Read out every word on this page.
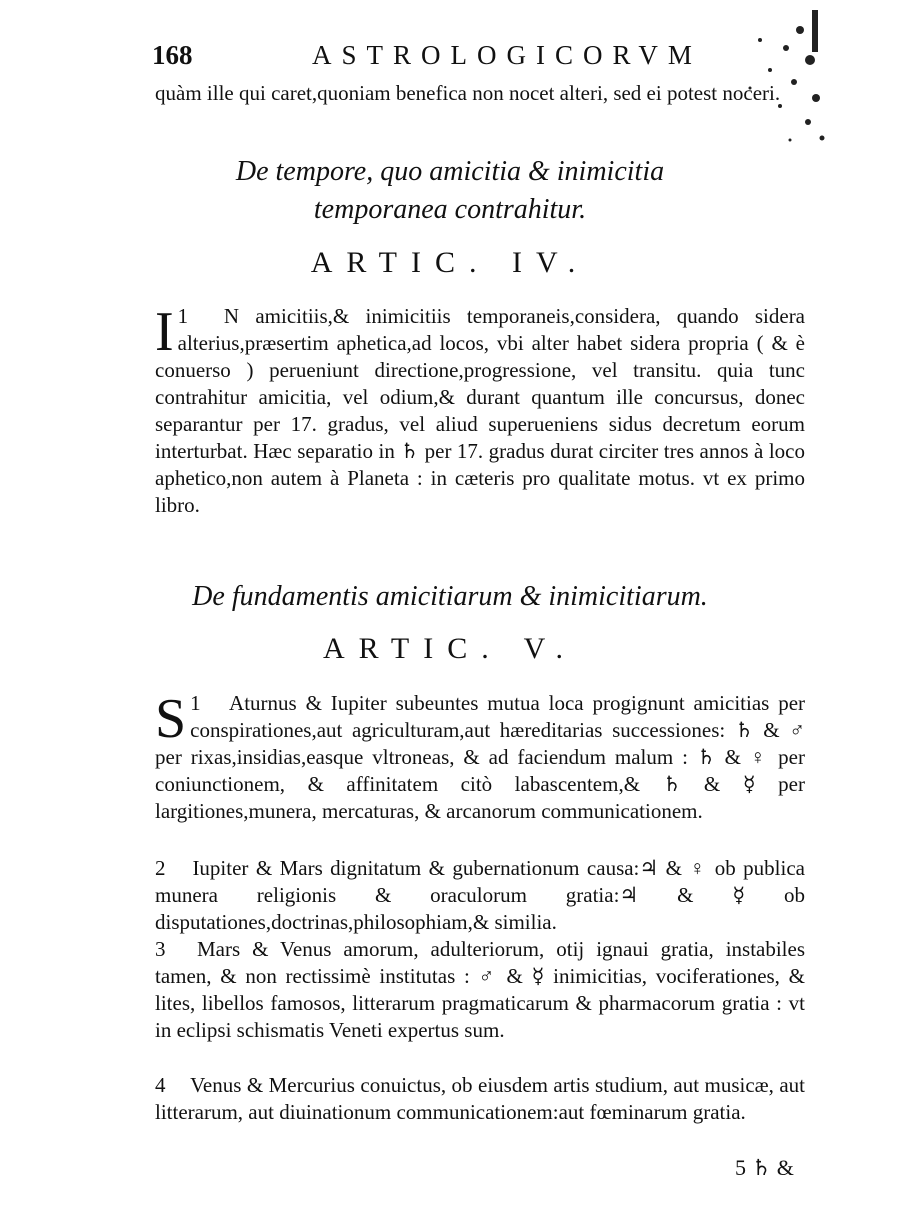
168	ASTROLOGICORVM
quàm ille qui caret,quoniam benefica non nocet alteri, sed ei potest noceri.
De tempore, quo amicitia & inimicitia
temporanea contrahitur.
ARTIC. IV.
1
I N amicitiis,& inimicitiis temporaneis,considera, quando sidera alterius,præsertim aphetica,ad locos, vbi alter habet sidera propria ( & è conuerso ) perueniunt directione,progressione, vel transitu. quia tunc contrahitur amicitia, vel odium,& durant quantum ille concursus, donec separantur per 17. gradus, vel aliud superueniens sidus decretum eorum interturbat. Hæc separatio in ♄ per 17. gradus durat circiter tres annos à loco aphetico,non autem à Planeta : in cæteris pro qualitate motus. vt ex primo libro.
De fundamentis amicitiarum & inimicitiarum.
ARTIC. V.
1
S Aturnus & Iupiter subeuntes mutua loca progignunt amicitias per conspirationes,aut agriculturam,aut hæreditarias successiones: ♄ & ♂ per rixas,insidias,easque vltroneas, & ad faciendum malum : ♄ & ♀ per coniunctionem, & affinitatem citò labascentem,& ♄ & ☿ per largitiones,munera, mercaturas, & arcanorum communicationem.
2 Iupiter & Mars dignitatum & gubernationum causa:♃ & ♀ ob publica munera religionis & oraculorum gratia:♃ & ☿ ob disputationes,doctrinas,philosophiam,& similia.
3 Mars & Venus amorum, adulteriorum, otij ignaui gratia, instabiles tamen, & non rectissimè institutas : ♂ & ☿ inimicitias, vociferationes, & lites, libellos famosos, litterarum pragmaticarum & pharmacorum gratia : vt in eclipsi schismatis Veneti expertus sum.
4 Venus & Mercurius conuictus, ob eiusdem artis studium, aut musicæ, aut litterarum, aut diuinationum communicationem:aut fœminarum gratia.
5 ♄ &
